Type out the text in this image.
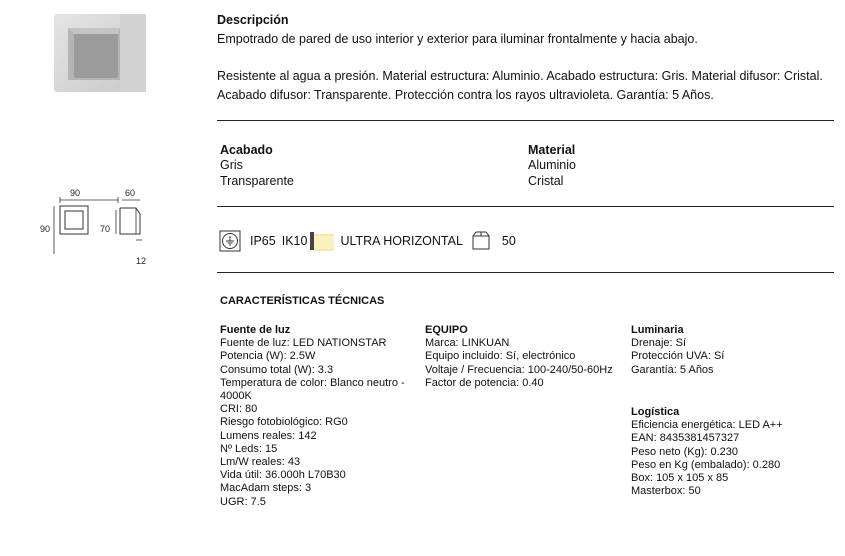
90
90
60
70
12
Descripción
Empotrado de pared de uso interior y exterior para iluminar frontalmente y hacia abajo.
Resistente al agua a presión. Material estructura: Aluminio. Acabado estructura: Gris. Material difusor: Cristal.
Acabado difusor: Transparente. Protección contra los rayos ultravioleta. Garantía: 5 Años.
Acabado
Gris
Transparente
Material
Aluminio
Cristal
IP65 IK10	ULTRA HORIZONTAL	50
CARACTERÍSTICAS TÉCNICAS
Fuente de luz
Fuente de luz: LED NATIONSTAR
Potencia (W): 2.5W
Consumo total (W): 3.3
Temperatura de color: Blanco neutro -
4000K
CRI: 80
Riesgo fotobiológico: RG0
Lumens reales: 142
Nº Leds: 15
Lm/W reales: 43
Vida útil: 36.000h L70B30
MacAdam steps: 3
UGR: 7.5
EQUIPO
Marca: LINKUAN
Equipo incluido: Sí, electrónico
Voltaje / Frecuencia: 100-240/50-60Hz
Factor de potencia: 0.40
Luminaria
Drenaje: Sí
Protección UVA: Sí
Garantía: 5 Años
Logística
Eficiencia energética: LED A++
EAN: 8435381457327
Peso neto (Kg): 0.230
Peso en Kg (embalado): 0.280
Box: 105 x 105 x 85
Masterbox: 50
